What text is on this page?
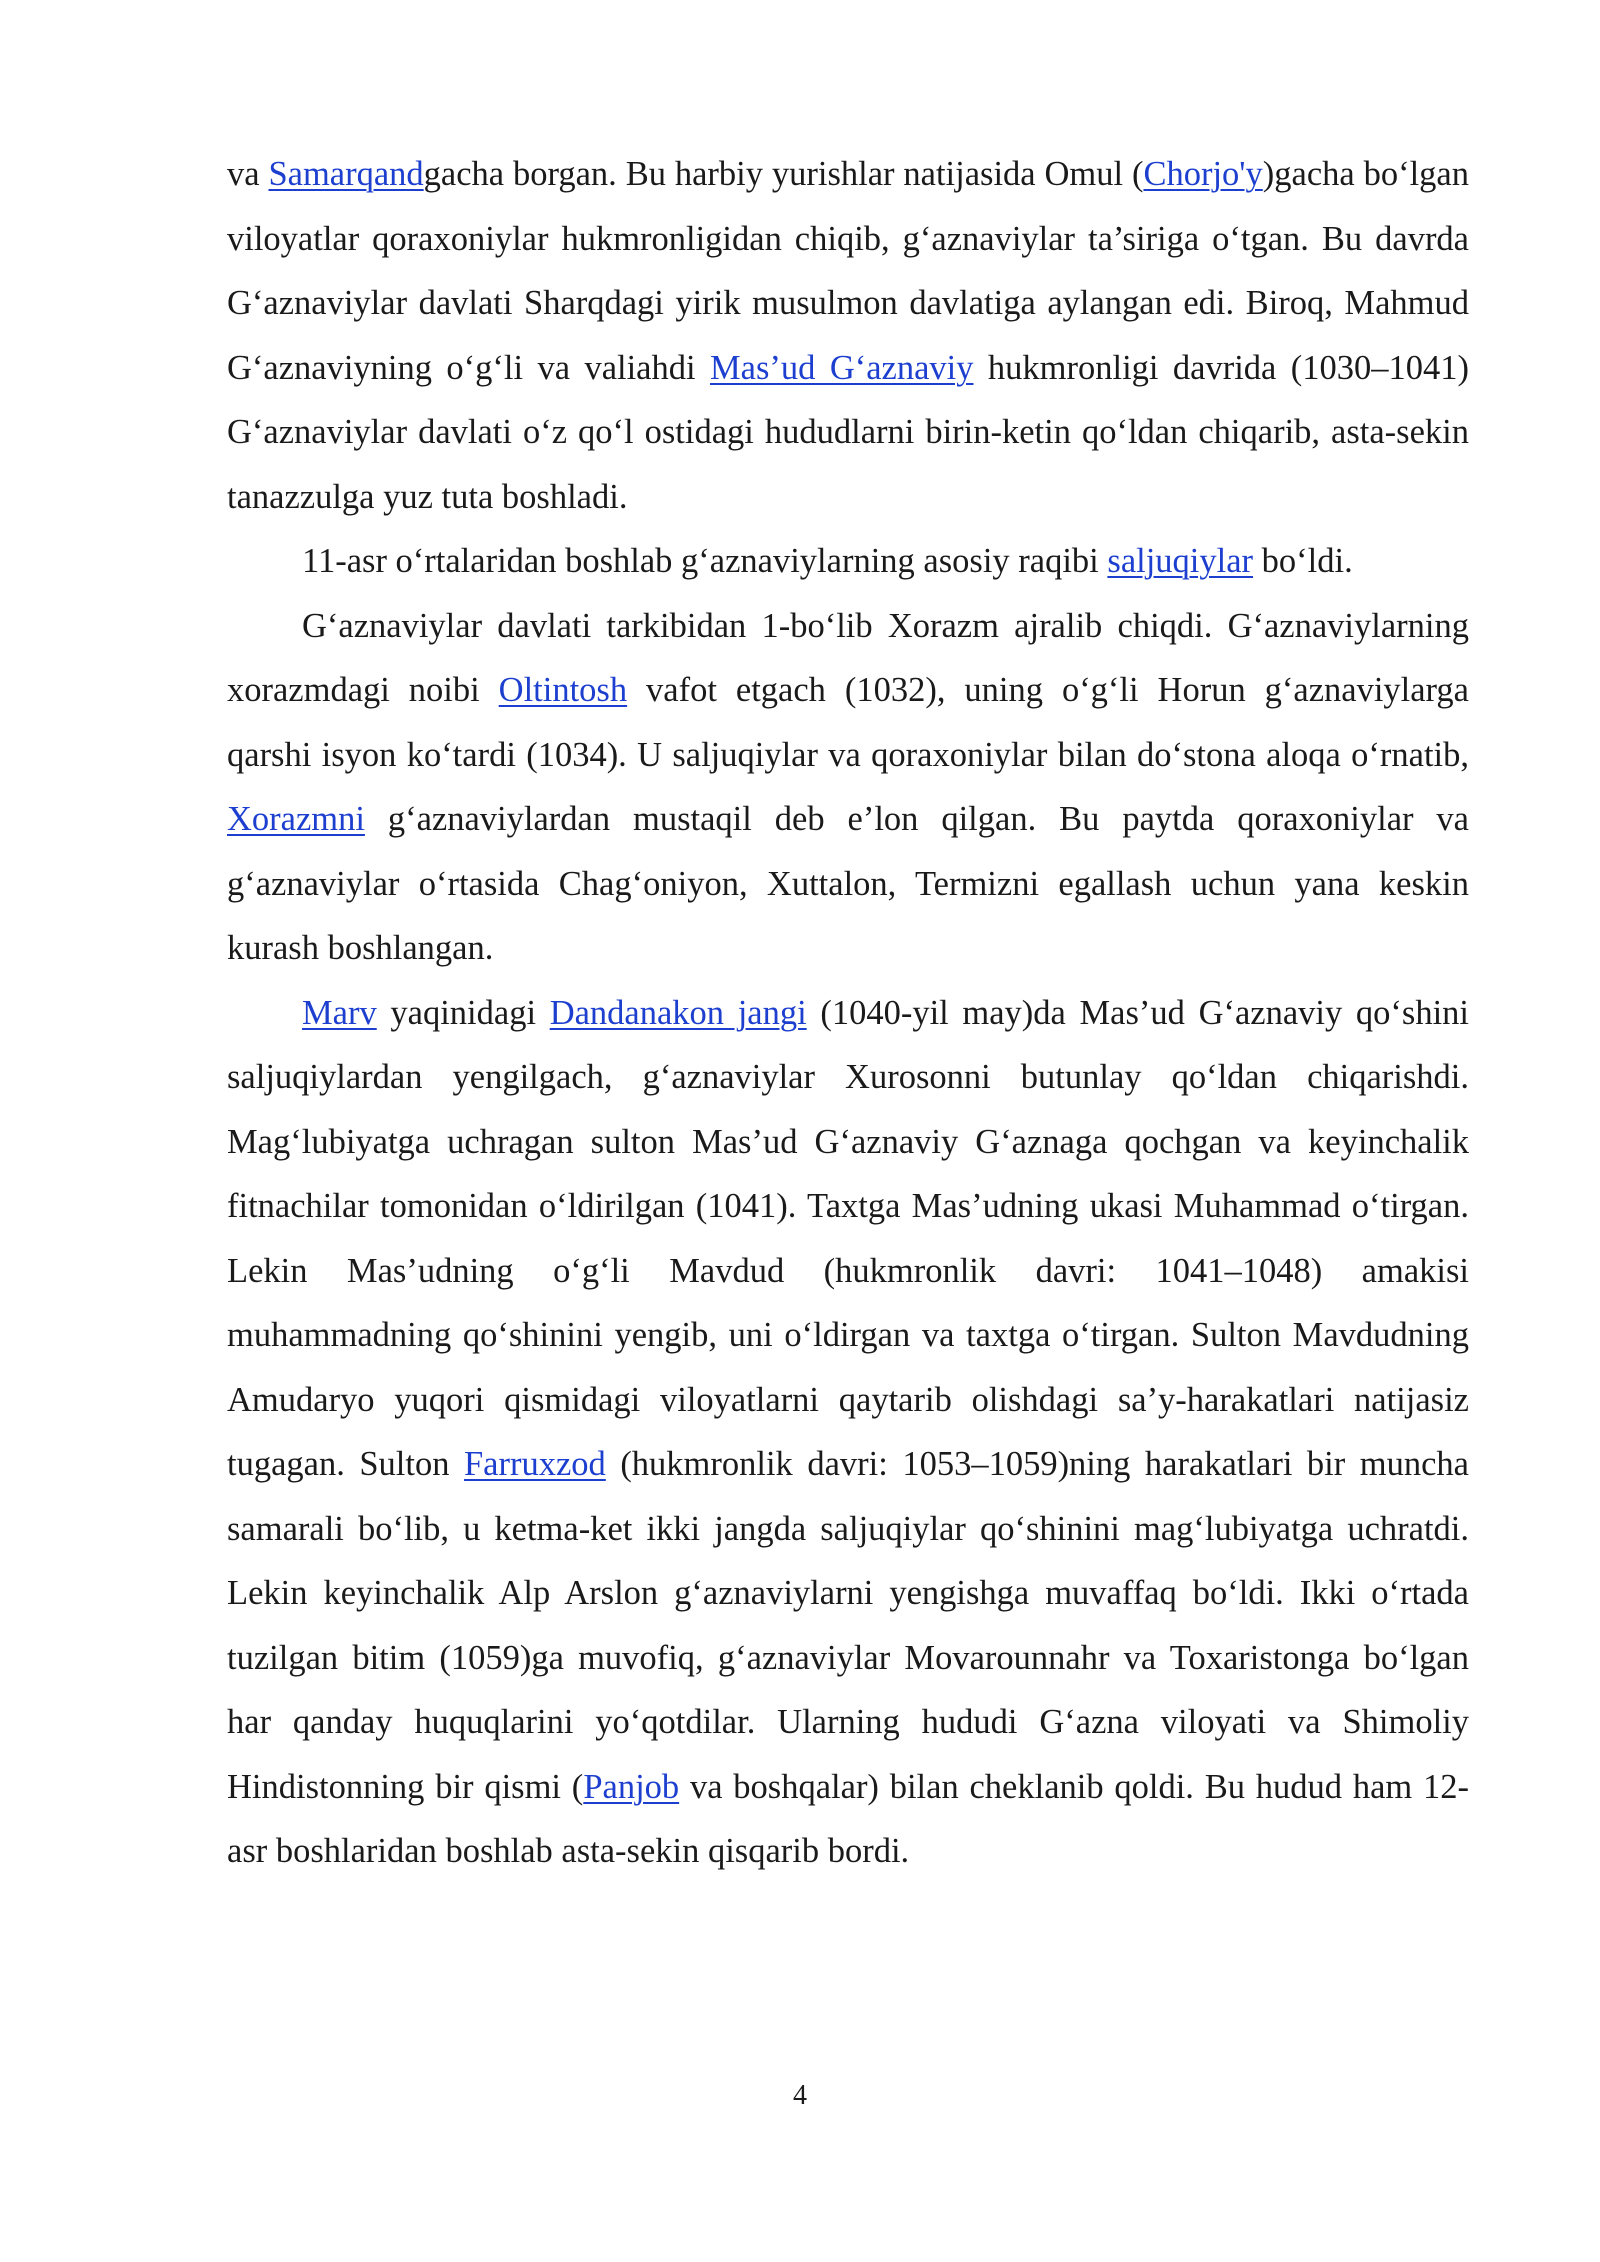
va Samarqandgacha borgan. Bu harbiy yurishlar natijasida Omul (Chorjo'y)gacha bo‘lgan viloyatlar qoraxoniylar hukmronligidan chiqib, g‘aznaviylar ta’siriga o‘tgan. Bu davrda G‘aznaviylar davlati Sharqdagi yirik musulmon davlatiga aylangan edi. Biroq, Mahmud G‘aznaviyning o‘g‘li va valiahdi Mas’ud G‘aznaviy hukmronligi davrida (1030–1041) G‘aznaviylar davlati o‘z qo‘l ostidagi hududlarni birin-ketin qo‘ldan chiqarib, asta-sekin tanazzulga yuz tuta boshladi.

11-asr o‘rtalaridan boshlab g‘aznaviylarning asosiy raqibi saljuqiylar bo‘ldi.

G‘aznaviylar davlati tarkibidan 1-bo‘lib Xorazm ajralib chiqdi. G‘aznaviylarning xorazmdagi noibi Oltintosh vafot etgach (1032), uning o‘g‘li Horun g‘aznaviylarga qarshi isyon ko‘tardi (1034). U saljuqiylar va qoraxoniylar bilan do‘stona aloqa o‘rnatib, Xorazmni g‘aznaviylardan mustaqil deb e’lon qilgan. Bu paytda qoraxoniylar va g‘aznaviylar o‘rtasida Chag‘oniyon, Xuttalon, Termizni egallash uchun yana keskin kurash boshlangan.

Marv yaqinidagi Dandanakon jangi (1040-yil may)da Mas’ud G‘aznaviy qo‘shini saljuqiylardan yengilgach, g‘aznaviylar Xurosonni butunlay qo‘ldan chiqarishdi. Mag‘lubiyatga uchragan sulton Mas’ud G‘aznaviy G‘aznaga qochgan va keyinchalik fitnachilar tomonidan o‘ldirilgan (1041). Taxtga Mas’udning ukasi Muhammad o‘tirgan. Lekin Mas’udning o‘g‘li Mavdud (hukmronlik davri: 1041–1048) amakisi muhammadning qo‘shinini yengib, uni o‘ldirgan va taxtga o‘tirgan. Sulton Mavdudning Amudaryo yuqori qismidagi viloyatlarni qaytarib olishdagi sa’y-harakatlari natijasiz tugagan. Sulton Farruxzod (hukmronlik davri: 1053–1059)ning harakatlari bir muncha samarali bo‘lib, u ketma-ket ikki jangda saljuqiylar qo‘shinini mag‘lubiyatga uchratdi. Lekin keyinchalik Alp Arslon g‘aznaviylarni yengishga muvaffaq bo‘ldi. Ikki o‘rtada tuzilgan bitim (1059)ga muvofiq, g‘aznaviylar Movarounnahr va Toxaristonga bo‘lgan har qanday huquqlarini yo‘qotdilar. Ularning hududi G‘azna viloyati va Shimoliy Hindistonning bir qismi (Panjob va boshqalar) bilan cheklanib qoldi. Bu hudud ham 12-asr boshlaridan boshlab asta-sekin qisqarib bordi.

4
